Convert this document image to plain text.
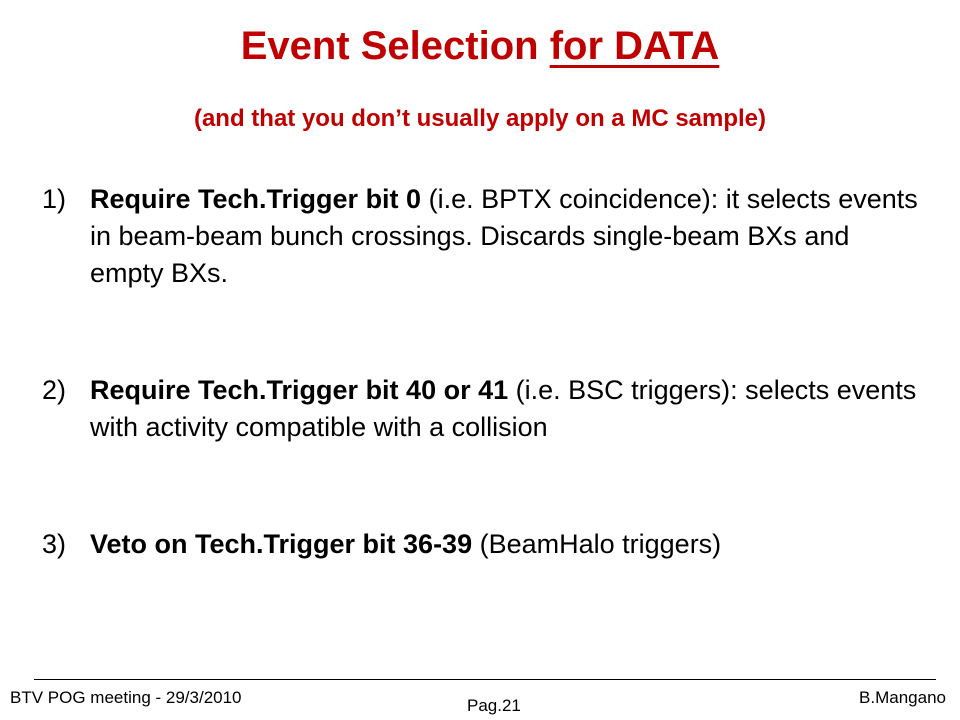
Event Selection for DATA

(and that you don’t usually apply on a MC sample)

1) Require Tech.Trigger bit 0 (i.e. BPTX coincidence): it selects events in beam-beam bunch crossings. Discards single-beam BXs and empty BXs.
2) Require Tech.Trigger bit 40 or 41 (i.e. BSC triggers): selects events with activity compatible with a collision
3) Veto on Tech.Trigger bit 36-39 (BeamHalo triggers)
BTV POG meeting - 29/3/2010	Pag.21	B.Mangano
